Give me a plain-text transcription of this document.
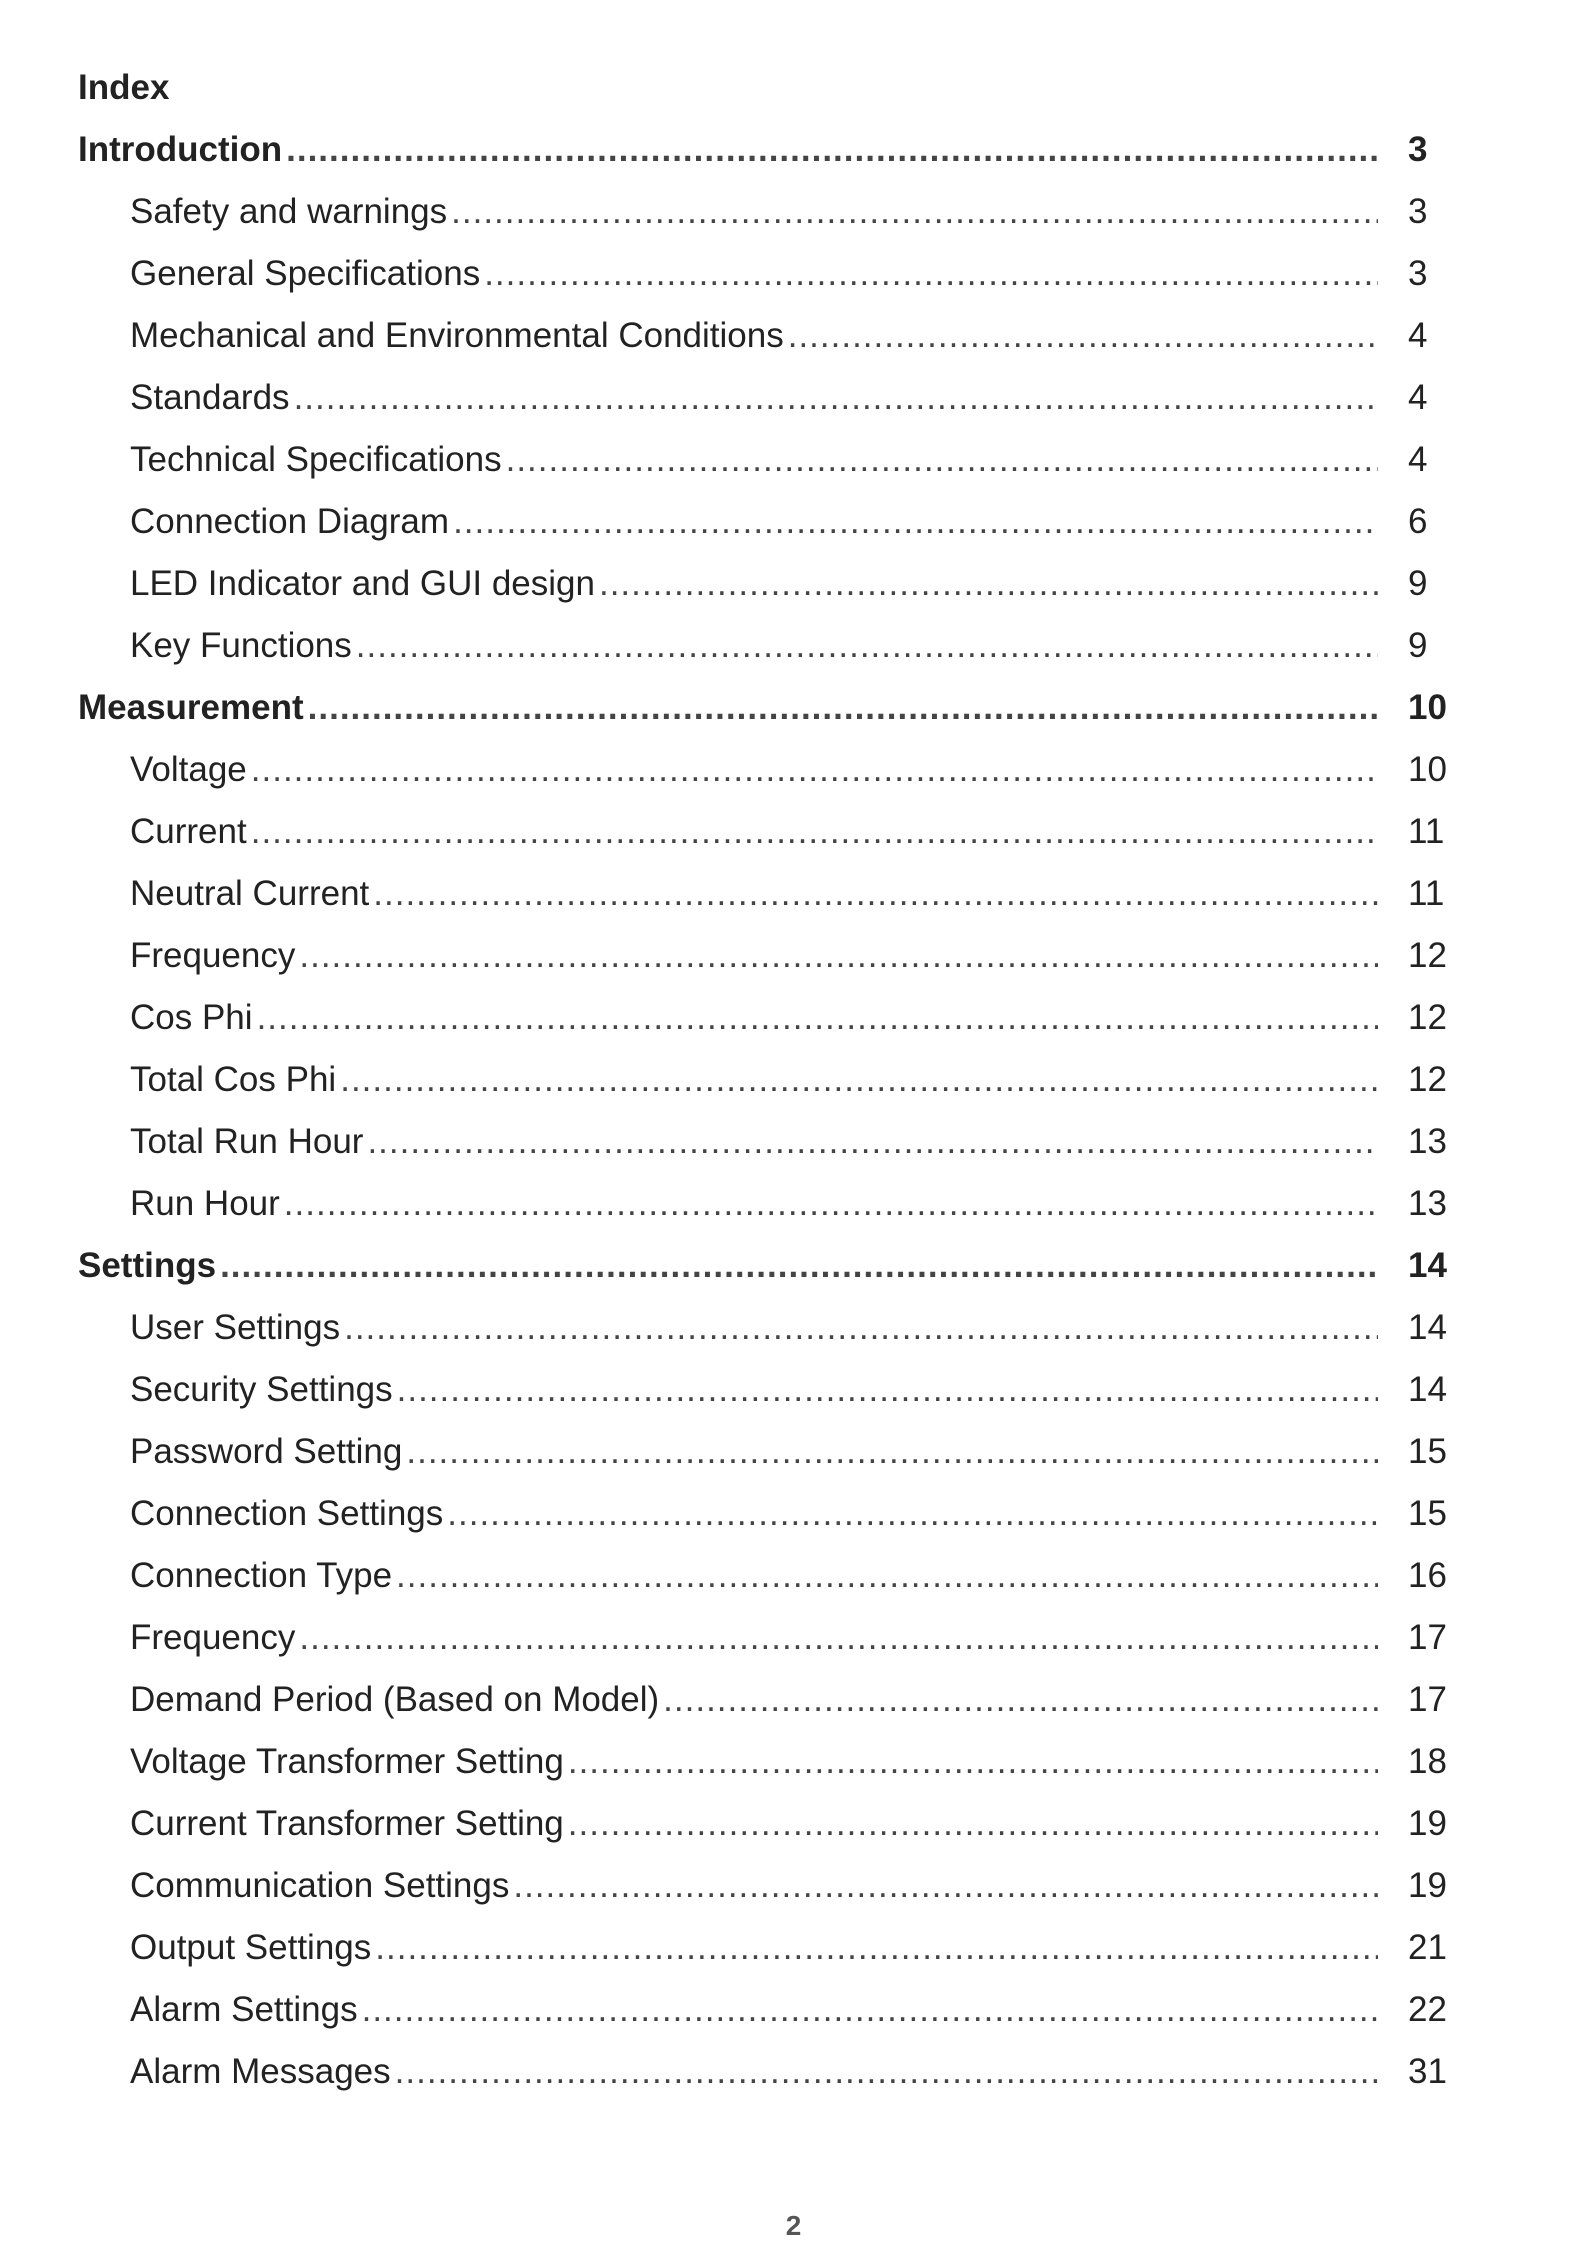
Index
Introduction .....	3
Safety and warnings .....	3
General Specifications .....	3
Mechanical and Environmental Conditions .....	4
Standards .....	4
Technical Specifications .....	4
Connection Diagram .....	6
LED Indicator and GUI design .....	9
Key Functions .....	9
Measurement .....	10
Voltage .....	10
Current .....	11
Neutral Current .....	11
Frequency .....	12
Cos Phi .....	12
Total Cos Phi .....	12
Total Run Hour .....	13
Run Hour .....	13
Settings .....	14
User Settings .....	14
Security Settings .....	14
Password Setting .....	15
Connection Settings .....	15
Connection Type .....	16
Frequency .....	17
Demand Period (Based on Model) .....	17
Voltage Transformer Setting .....	18
Current Transformer Setting .....	19
Communication Settings .....	19
Output Settings .....	21
Alarm Settings .....	22
Alarm Messages .....	31
2
